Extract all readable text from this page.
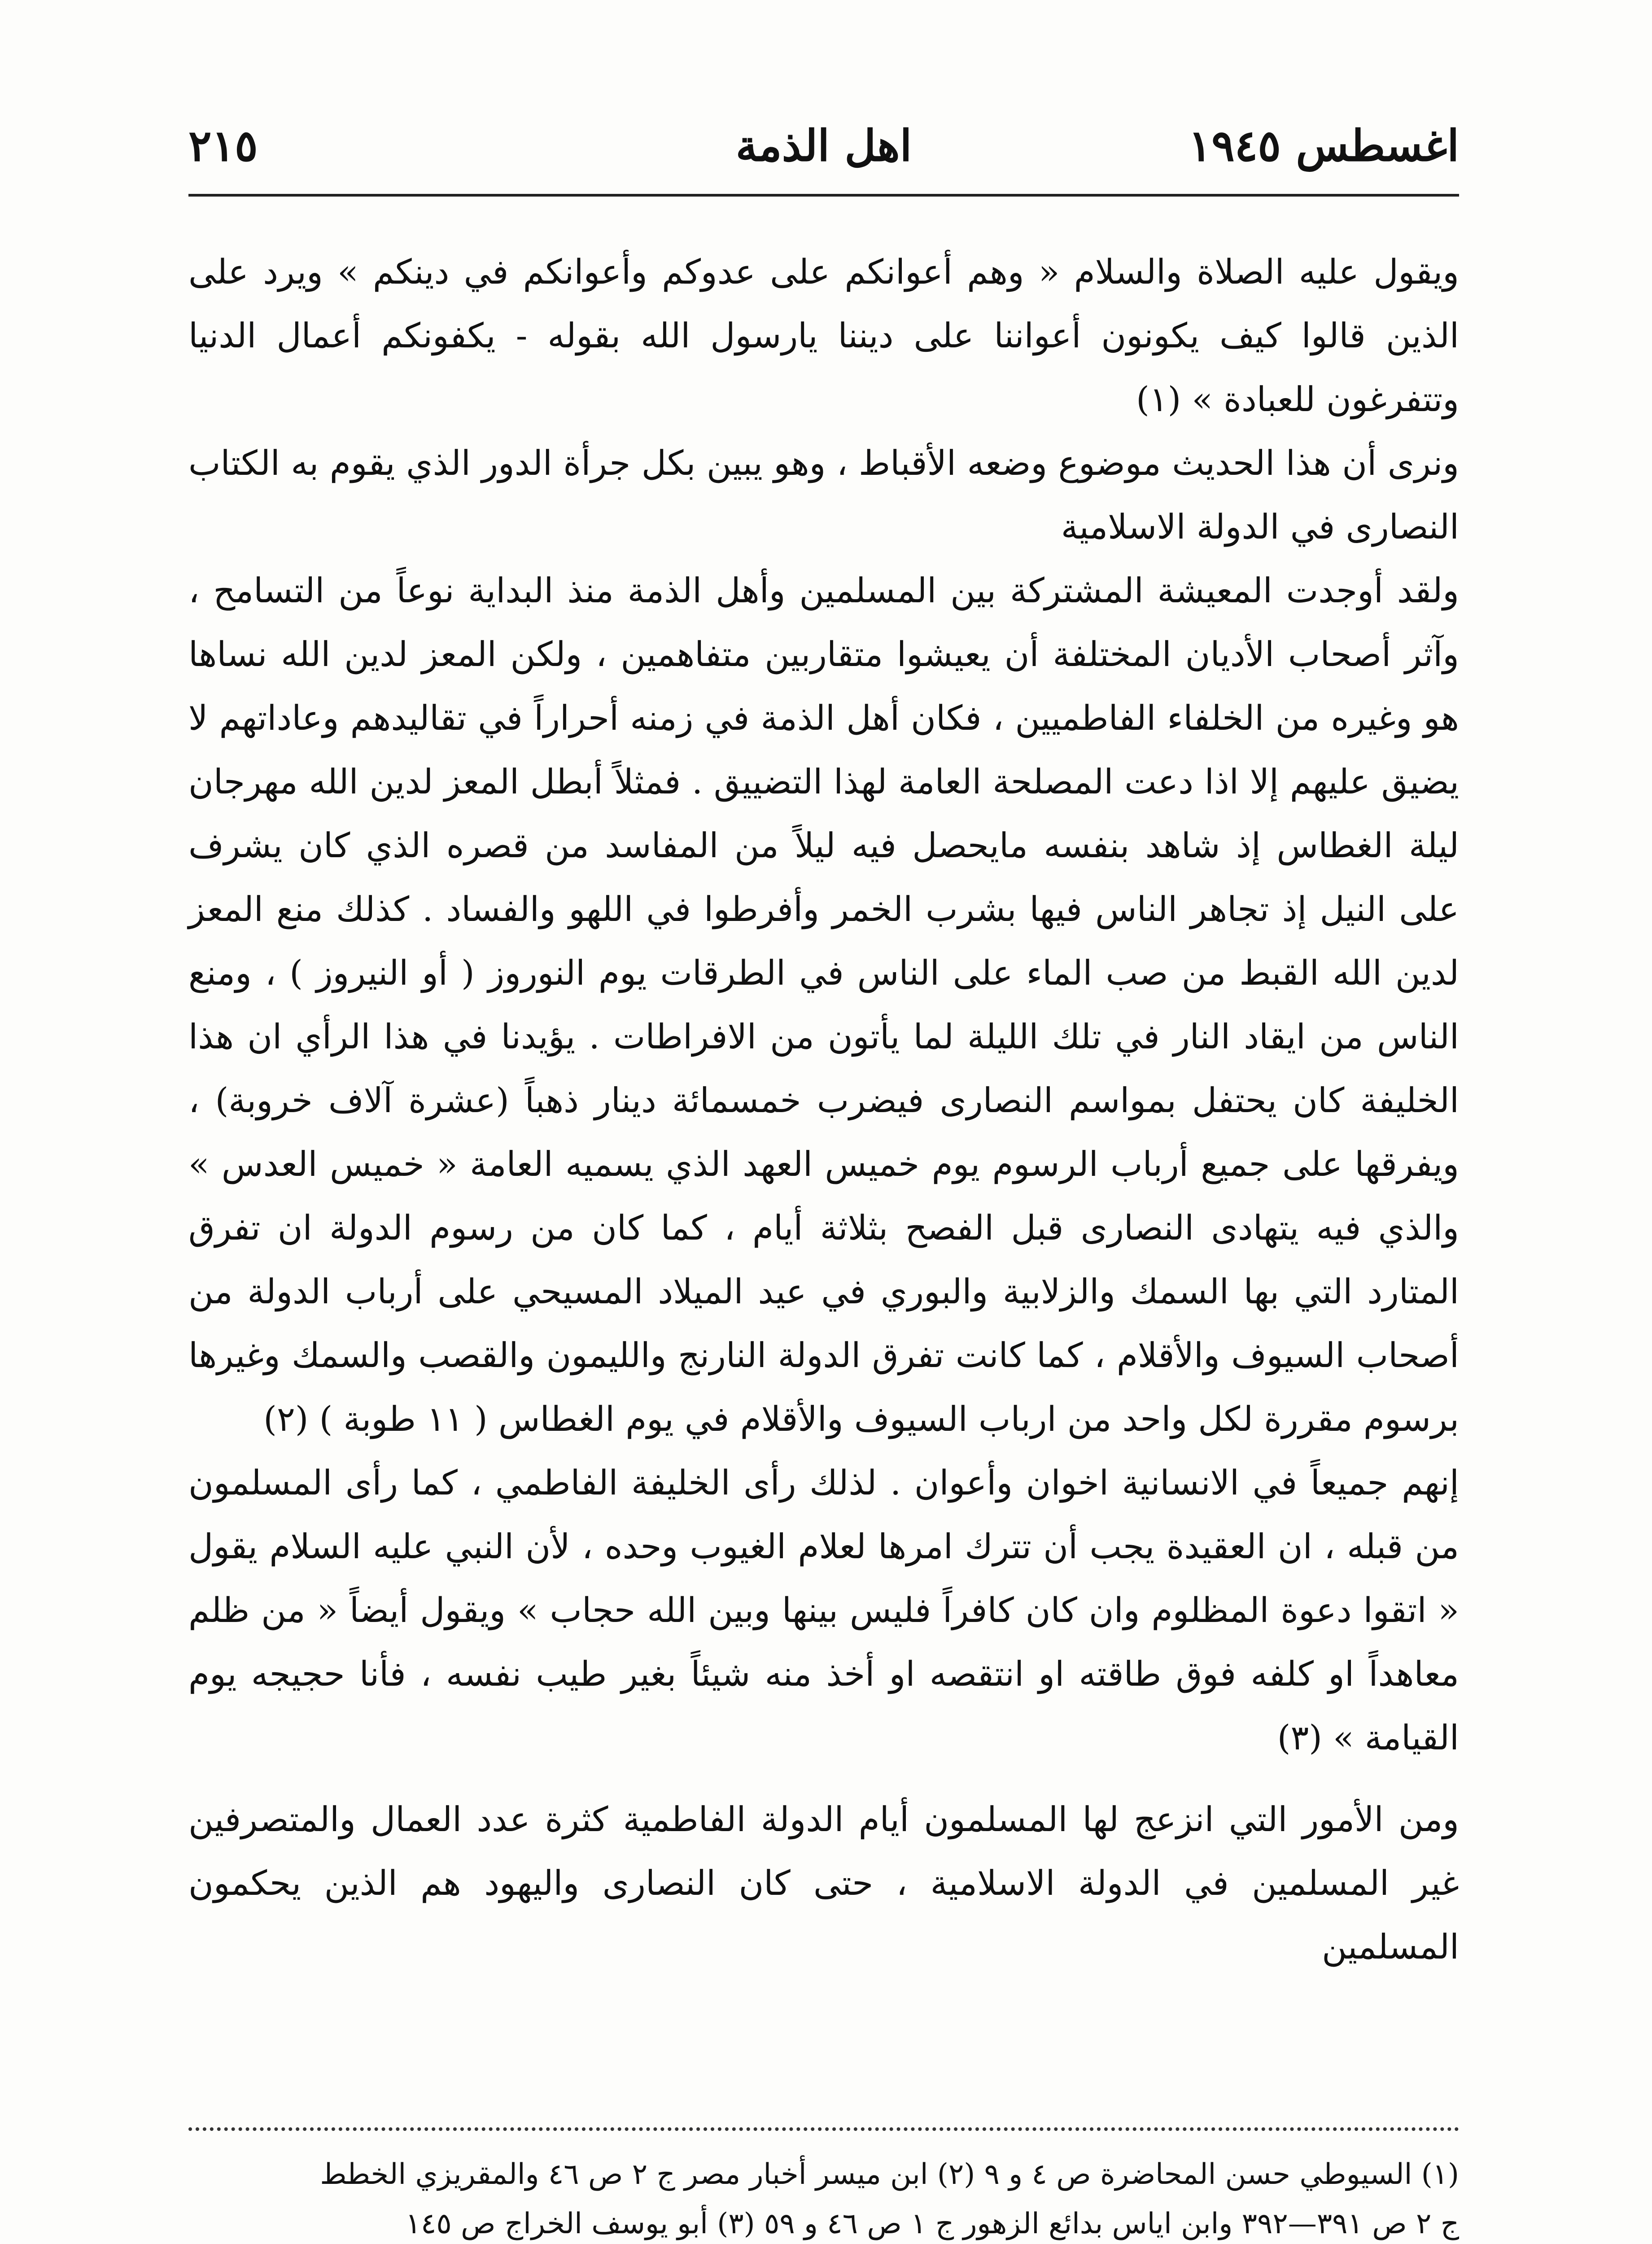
اغسطس ١٩٤٥
اهل الذمة
٢١٥

ويقول عليه الصلاة والسلام « وهم أعوانكم على عدوكم وأعوانكم في دينكم » ويرد على الذين قالوا كيف يكونون أعواننا على ديننا يارسول الله بقوله - يكفونكم أعمال الدنيا وتتفرغون للعبادة » (١)

ونرى أن هذا الحديث موضوع وضعه الأقباط ، وهو يبين بكل جرأة الدور الذي يقوم به الكتاب النصارى في الدولة الاسلامية

ولقد أوجدت المعيشة المشتركة بين المسلمين وأهل الذمة منذ البداية نوعاً من التسامح ، وآثر أصحاب الأديان المختلفة أن يعيشوا متقاربين متفاهمين ، ولكن المعز لدين الله نساها هو وغيره من الخلفاء الفاطميين ، فكان أهل الذمة في زمنه أحراراً في تقاليدهم وعاداتهم لا يضيق عليهم إلا اذا دعت المصلحة العامة لهذا التضييق . فمثلاً أبطل المعز لدين الله مهرجان ليلة الغطاس إذ شاهد بنفسه مايحصل فيه ليلاً من المفاسد من قصره الذي كان يشرف على النيل إذ تجاهر الناس فيها بشرب الخمر وأفرطوا في اللهو والفساد . كذلك منع المعز لدين الله القبط من صب الماء على الناس في الطرقات يوم النوروز ( أو النيروز ) ، ومنع الناس من ايقاد النار في تلك الليلة لما يأتون من الافراطات . يؤيدنا في هذا الرأي ان هذا الخليفة كان يحتفل بمواسم النصارى فيضرب خمسمائة دينار ذهباً (عشرة آلاف خروبة) ، ويفرقها على جميع أرباب الرسوم يوم خميس العهد الذي يسميه العامة « خميس العدس » والذي فيه يتهادى النصارى قبل الفصح بثلاثة أيام ، كما كان من رسوم الدولة ان تفرق المتارد التي بها السمك والزلابية والبوري في عيد الميلاد المسيحي على أرباب الدولة من أصحاب السيوف والأقلام ، كما كانت تفرق الدولة النارنج والليمون والقصب والسمك وغيرها برسوم مقررة لكل واحد من ارباب السيوف والأقلام في يوم الغطاس ( ١١ طوبة ) (٢)

إنهم جميعاً في الانسانية اخوان وأعوان . لذلك رأى الخليفة الفاطمي ، كما رأى المسلمون من قبله ، ان العقيدة يجب أن تترك امرها لعلام الغيوب وحده ، لأن النبي عليه السلام يقول « اتقوا دعوة المظلوم وان كان كافراً فليس بينها وبين الله حجاب » ويقول أيضاً « من ظلم معاهداً او كلفه فوق طاقته او انتقصه او أخذ منه شيئاً بغير طيب نفسه ، فأنا حجيجه يوم القيامة » (٣)

ومن الأمور التي انزعج لها المسلمون أيام الدولة الفاطمية كثرة عدد العمال والمتصرفين غير المسلمين في الدولة الاسلامية ، حتى كان النصارى واليهود هم الذين يحكمون المسلمين

(١) السيوطي حسن المحاضرة ص ٤ و ٩ (٢) ابن ميسر أخبار مصر ج ٢ ص ٤٦ والمقريزي الخطط

ج ٢ ص ٣٩١—٣٩٢ وابن اياس بدائع الزهور ج ١ ص ٤٦ و ٥٩ (٣) أبو يوسف الخراج ص ١٤٥
